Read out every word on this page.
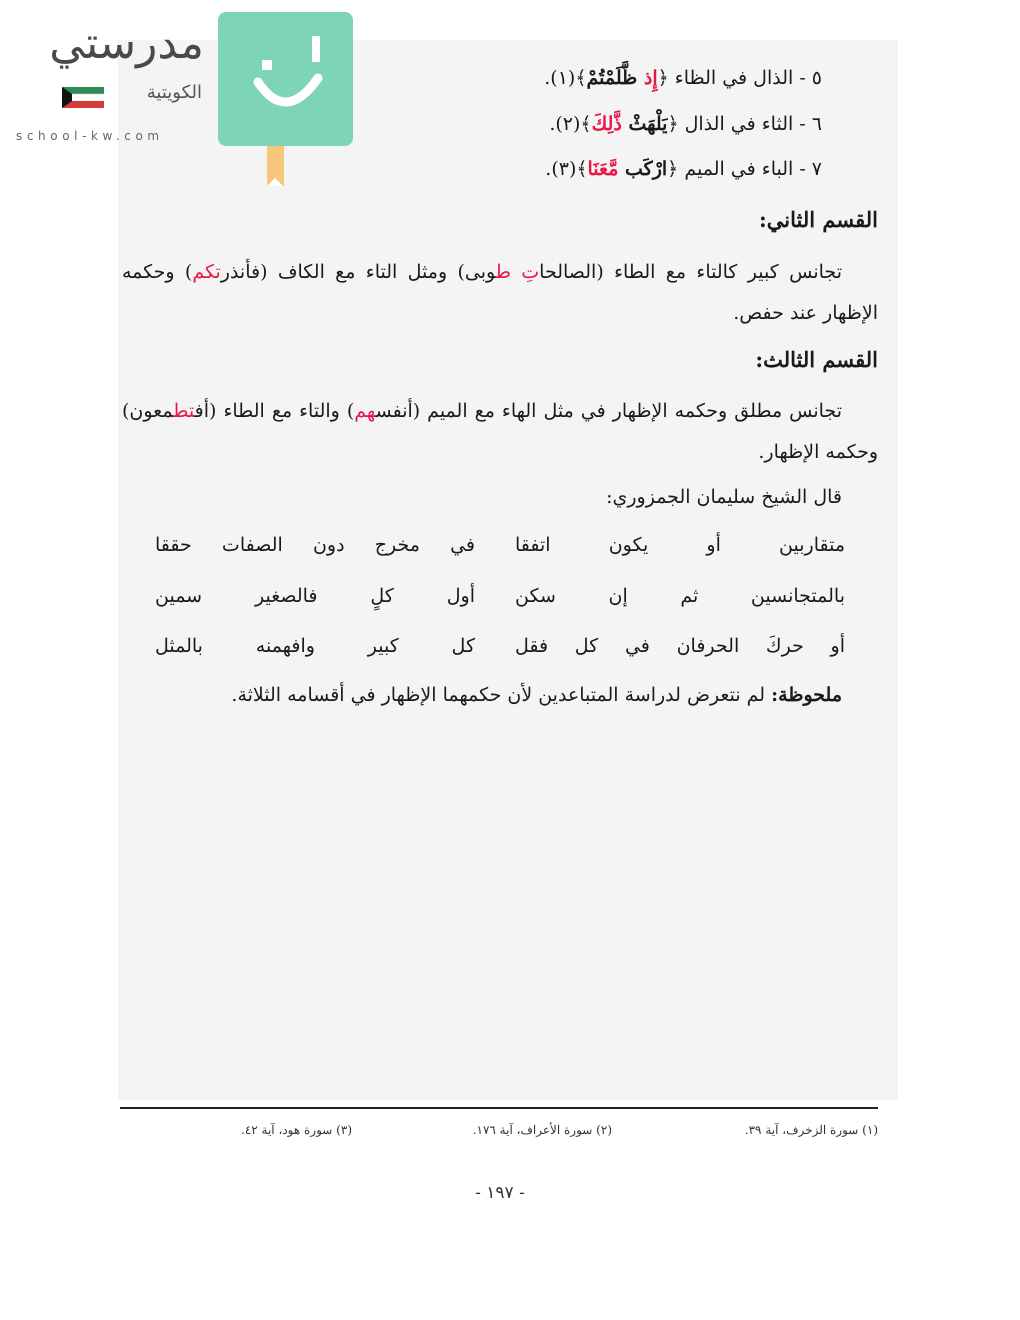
مدرستي
الكويتية
school-kw.com
٥ - الذال في الظاء ﴿إِذ ظَّلَمْتُمْ﴾(١).
٦ - الثاء في الذال ﴿يَلْهَثْ ذَّلِكَ﴾(٢).
٧ - الباء في الميم ﴿ارْكَب مَّعَنَا﴾(٣).
القسم الثاني:
تجانس كبير كالتاء مع الطاء (الصالحاتِ طوبى) ومثل التاء مع الكاف (فأنذرتكم) وحكمه الإظهار عند حفص.
القسم الثالث:
تجانس مطلق وحكمه الإظهار في مثل الهاء مع الميم (أنفسهم) والتاء مع الطاء (أفتطمعون) وحكمه الإظهار.
قال الشيخ سليمان الجمزوري:
متقاربين أو يكون اتفقا
في مخرج دون الصفات حققا
بالمتجانسين ثم إن سكن
أول كلٍ فالصغير سمين
أو حركَ الحرفان في كل فقل
كل كبير وافهمنه بالمثل
ملحوظة: لم نتعرض لدراسة المتباعدين لأن حكمهما الإظهار في أقسامه الثلاثة.
(١) سورة الزخرف، آية ٣٩.
(٢) سورة الأعراف، آية ١٧٦.
(٣) سورة هود، آية ٤٢.
- ١٩٧ -
